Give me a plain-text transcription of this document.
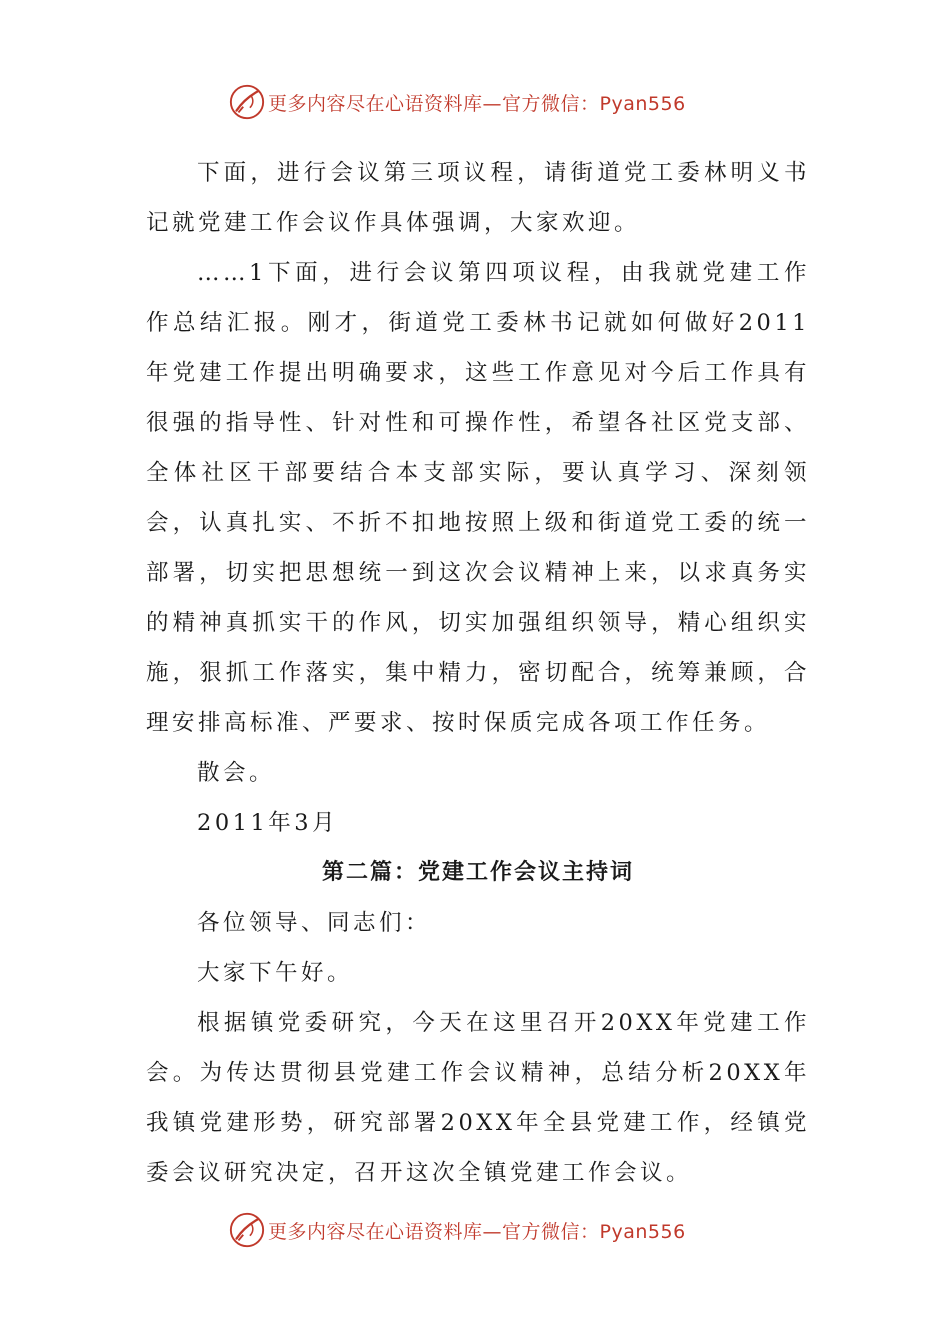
更多内容尽在心语资料库—官方微信：Pyan556

下面，进行会议第三项议程，请街道党工委林明义书记就党建工作会议作具体强调，大家欢迎。

……1下面，进行会议第四项议程，由我就党建工作作总结汇报。刚才，街道党工委林书记就如何做好2011年党建工作提出明确要求，这些工作意见对今后工作具有很强的指导性、针对性和可操作性，希望各社区党支部、全体社区干部要结合本支部实际，要认真学习、深刻领会，认真扎实、不折不扣地按照上级和街道党工委的统一部署，切实把思想统一到这次会议精神上来，以求真务实的精神真抓实干的作风，切实加强组织领导，精心组织实施，狠抓工作落实，集中精力，密切配合，统筹兼顾，合理安排高标准、严要求、按时保质完成各项工作任务。

散会。

2011年3月

第二篇：党建工作会议主持词

各位领导、同志们：

大家下午好。

根据镇党委研究，今天在这里召开20XX年党建工作会。为传达贯彻县党建工作会议精神，总结分析20XX年我镇党建形势，研究部署20XX年全县党建工作，经镇党委会议研究决定，召开这次全镇党建工作会议。

更多内容尽在心语资料库—官方微信：Pyan556
